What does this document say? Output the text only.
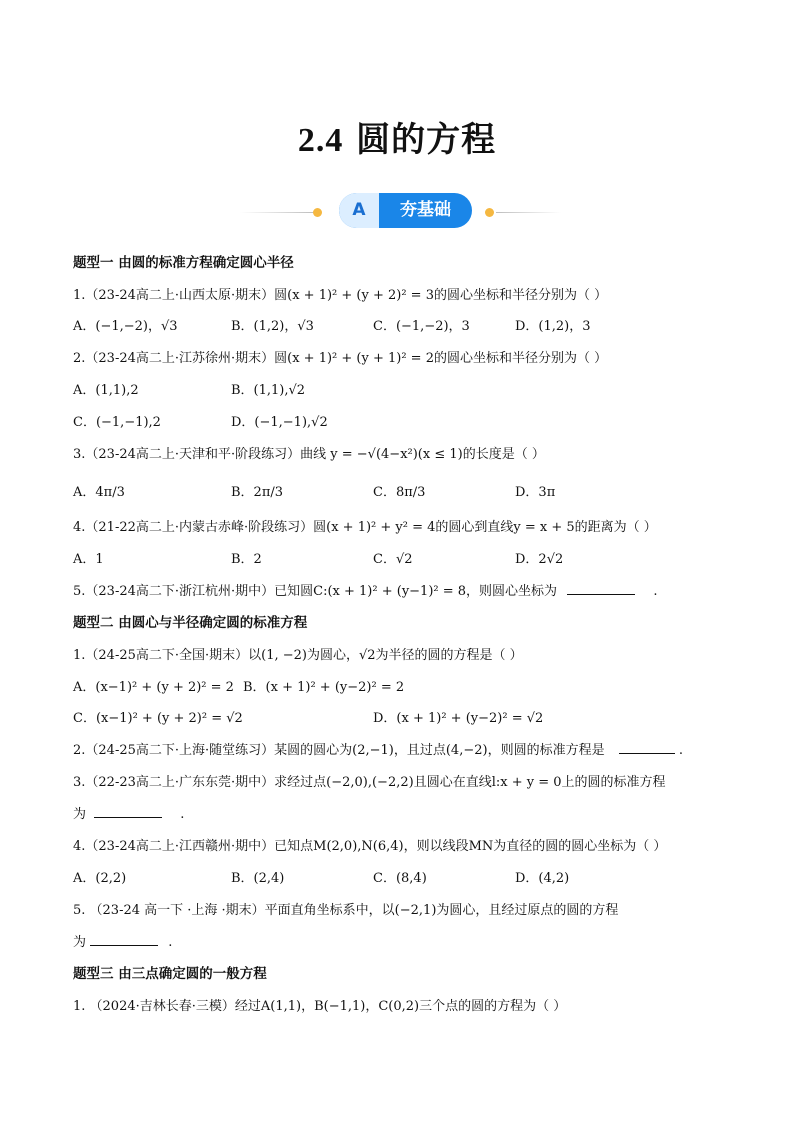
2.4 圆的方程
A	夯基础
题型一 由圆的标准方程确定圆心半径
1.（23-24高二上·山西太原·期末）圆(x + 1)² + (y + 2)² = 3的圆心坐标和半径分别为（ ）
A．(−1,−2)，√3	B．(1,2)，√3	C．(−1,−2)，3	D．(1,2)，3
2.（23-24高二上·江苏徐州·期末）圆(x + 1)² + (y + 1)² = 2的圆心坐标和半径分别为（ ）
A．(1,1),2	B．(1,1),√2
C．(−1,−1),2	D．(−1,−1),√2
3.（23-24高二上·天津和平·阶段练习）曲线 y = −√(4−x²)(x ≤ 1)的长度是（ ）
A．4π/3	B．2π/3	C．8π/3	D．3π
4.（21-22高二上·内蒙古赤峰·阶段练习）圆(x + 1)² + y² = 4的圆心到直线y = x + 5的距离为（ ）
A．1	B．2	C．√2	D．2√2
5.（23-24高二下·浙江杭州·期中）已知圆C:(x + 1)² + (y−1)² = 8，则圆心坐标为	.
题型二 由圆心与半径确定圆的标准方程
1.（24-25高二下·全国·期末）以(1, −2)为圆心，√2为半径的圆的方程是（ ）
A．(x−1)² + (y + 2)² = 2 B．(x + 1)² + (y−2)² = 2
C．(x−1)² + (y + 2)² = √2	D．(x + 1)² + (y−2)² = √2
2.（24-25高二下·上海·随堂练习）某圆的圆心为(2,−1)，且过点(4,−2)，则圆的标准方程是	.
3.（22-23高二上·广东东莞·期中）求经过点(−2,0),(−2,2)且圆心在直线l:x + y = 0上的圆的标准方程
为	.
4.（23-24高二上·江西赣州·期中）已知点M(2,0),N(6,4)，则以线段MN为直径的圆的圆心坐标为（ ）
A．(2,2)	B．(2,4)	C．(8,4)	D．(4,2)
5. （23-24 高一下 ·上海 ·期末）平面直角坐标系中，以(−2,1)为圆心，且经过原点的圆的方程
为	.
题型三 由三点确定圆的一般方程
1. （2024·吉林长春·三模）经过A(1,1)，B(−1,1)，C(0,2)三个点的圆的方程为（ ）
